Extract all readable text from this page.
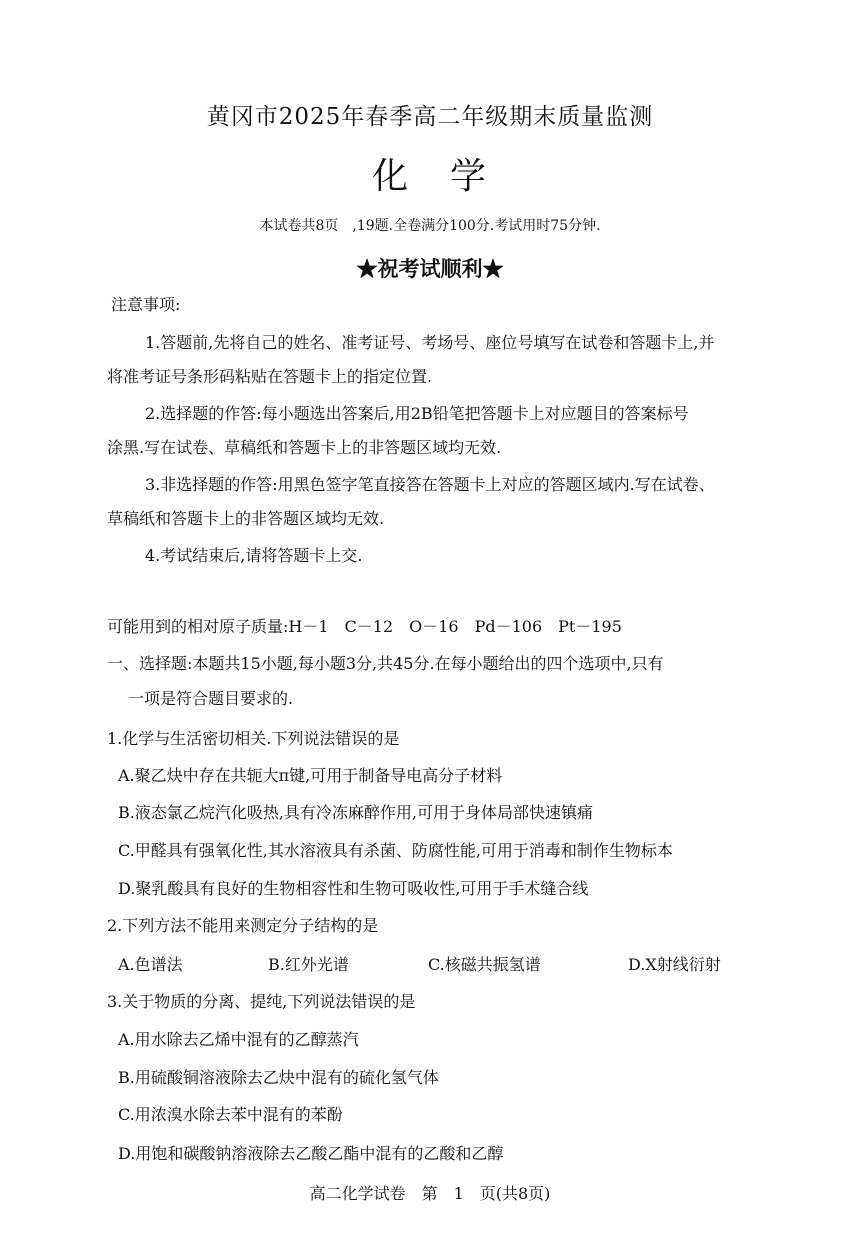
黄冈市2025年春季高二年级期末质量监测
化学
本试卷共8页　,19题.全卷满分100分.考试用时75分钟.
★祝考试顺利★
注意事项:
1.答题前,先将自己的姓名、准考证号、考场号、座位号填写在试卷和答题卡上,并
将准考证号条形码粘贴在答题卡上的指定位置.
2.选择题的作答:每小题选出答案后,用2B铅笔把答题卡上对应题目的答案标号
涂黑.写在试卷、草稿纸和答题卡上的非答题区域均无效.
3.非选择题的作答:用黑色签字笔直接答在答题卡上对应的答题区域内.写在试卷、
草稿纸和答题卡上的非答题区域均无效.
4.考试结束后,请将答题卡上交.
可能用到的相对原子质量:H－1　C－12　O－16　Pd－106　Pt－195
一、选择题:本题共15小题,每小题3分,共45分.在每小题给出的四个选项中,只有
一项是符合题目要求的.
1.化学与生活密切相关.下列说法错误的是
A.聚乙炔中存在共轭大π键,可用于制备导电高分子材料
B.液态氯乙烷汽化吸热,具有冷冻麻醉作用,可用于身体局部快速镇痛
C.甲醛具有强氧化性,其水溶液具有杀菌、防腐性能,可用于消毒和制作生物标本
D.聚乳酸具有良好的生物相容性和生物可吸收性,可用于手术缝合线
2.下列方法不能用来测定分子结构的是
A.色谱法	B.红外光谱	C.核磁共振氢谱	D.X射线衍射
3.关于物质的分离、提纯,下列说法错误的是
A.用水除去乙烯中混有的乙醇蒸汽
B.用硫酸铜溶液除去乙炔中混有的硫化氢气体
C.用浓溴水除去苯中混有的苯酚
D.用饱和碳酸钠溶液除去乙酸乙酯中混有的乙酸和乙醇
高二化学试卷　第　1　页(共8页)
